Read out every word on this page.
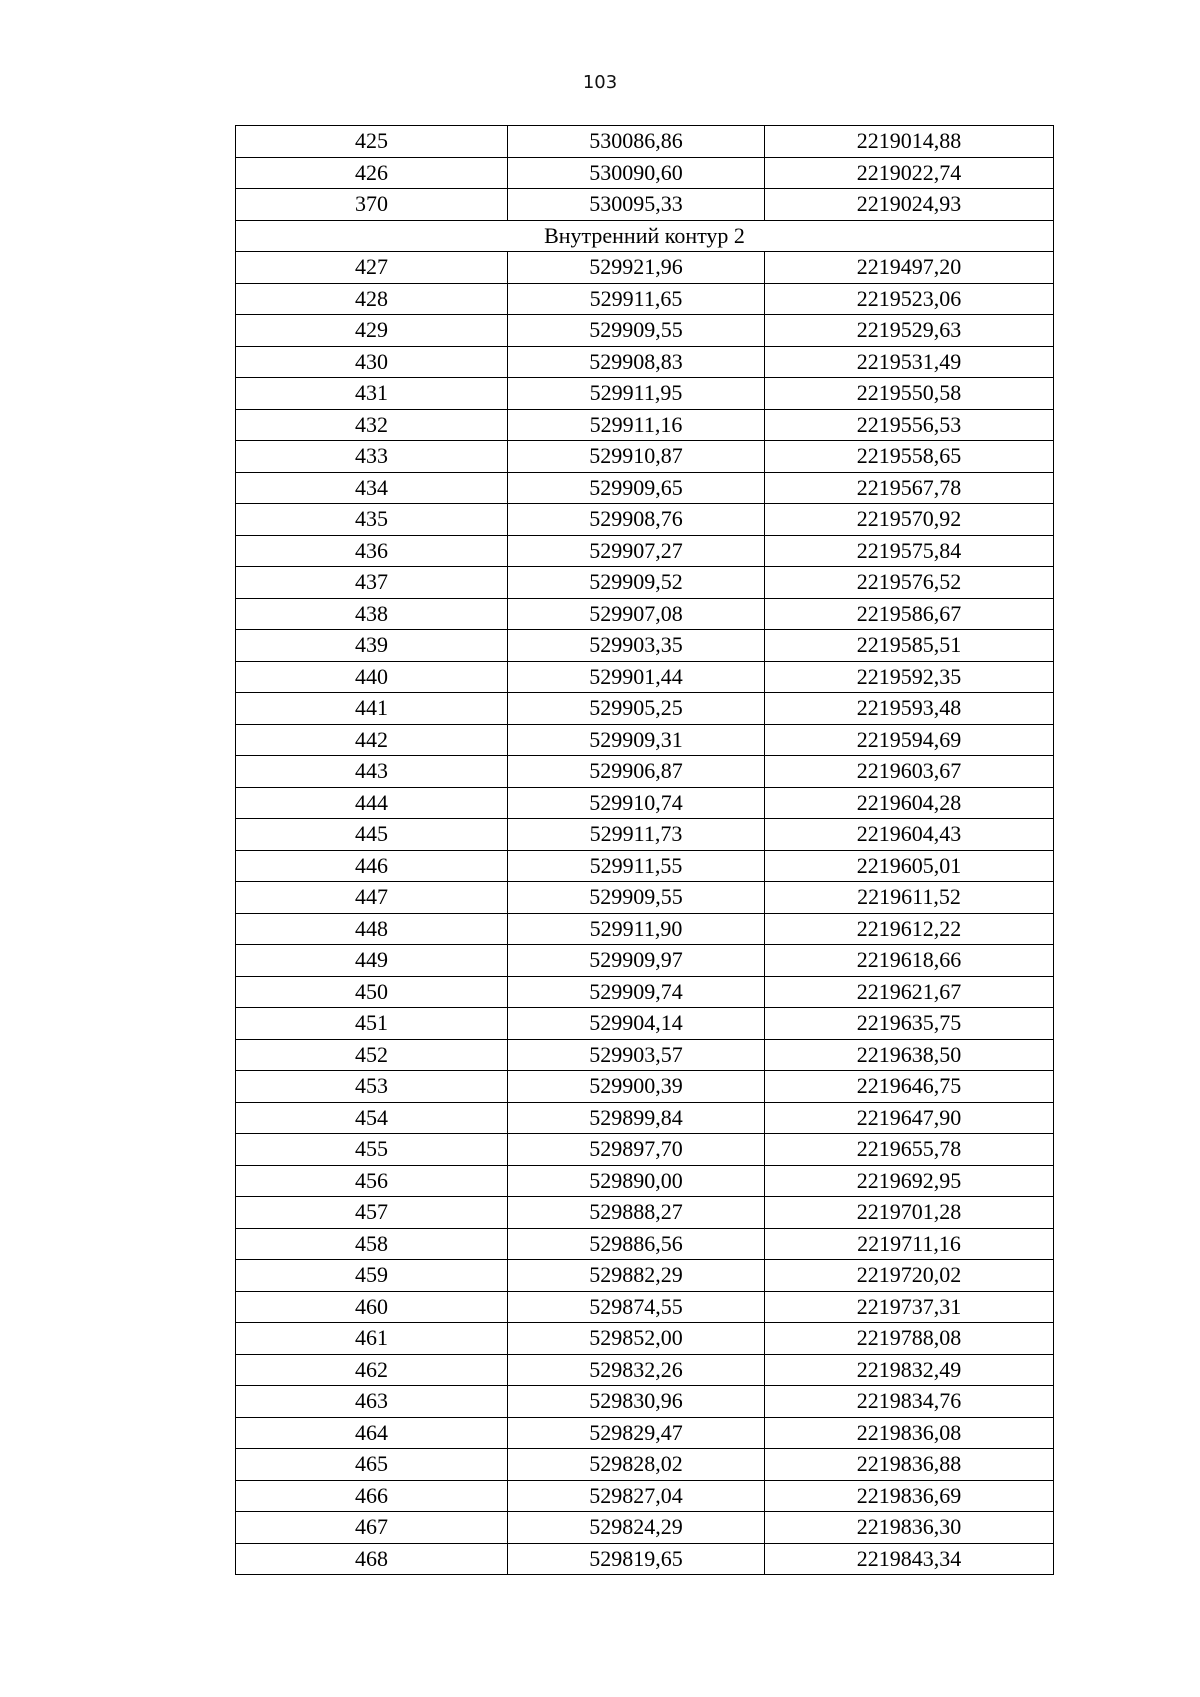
103
425	530086,86	2219014,88
426	530090,60	2219022,74
370	530095,33	2219024,93
Внутренний контур 2		
427	529921,96	2219497,20
428	529911,65	2219523,06
429	529909,55	2219529,63
430	529908,83	2219531,49
431	529911,95	2219550,58
432	529911,16	2219556,53
433	529910,87	2219558,65
434	529909,65	2219567,78
435	529908,76	2219570,92
436	529907,27	2219575,84
437	529909,52	2219576,52
438	529907,08	2219586,67
439	529903,35	2219585,51
440	529901,44	2219592,35
441	529905,25	2219593,48
442	529909,31	2219594,69
443	529906,87	2219603,67
444	529910,74	2219604,28
445	529911,73	2219604,43
446	529911,55	2219605,01
447	529909,55	2219611,52
448	529911,90	2219612,22
449	529909,97	2219618,66
450	529909,74	2219621,67
451	529904,14	2219635,75
452	529903,57	2219638,50
453	529900,39	2219646,75
454	529899,84	2219647,90
455	529897,70	2219655,78
456	529890,00	2219692,95
457	529888,27	2219701,28
458	529886,56	2219711,16
459	529882,29	2219720,02
460	529874,55	2219737,31
461	529852,00	2219788,08
462	529832,26	2219832,49
463	529830,96	2219834,76
464	529829,47	2219836,08
465	529828,02	2219836,88
466	529827,04	2219836,69
467	529824,29	2219836,30
468	529819,65	2219843,34
